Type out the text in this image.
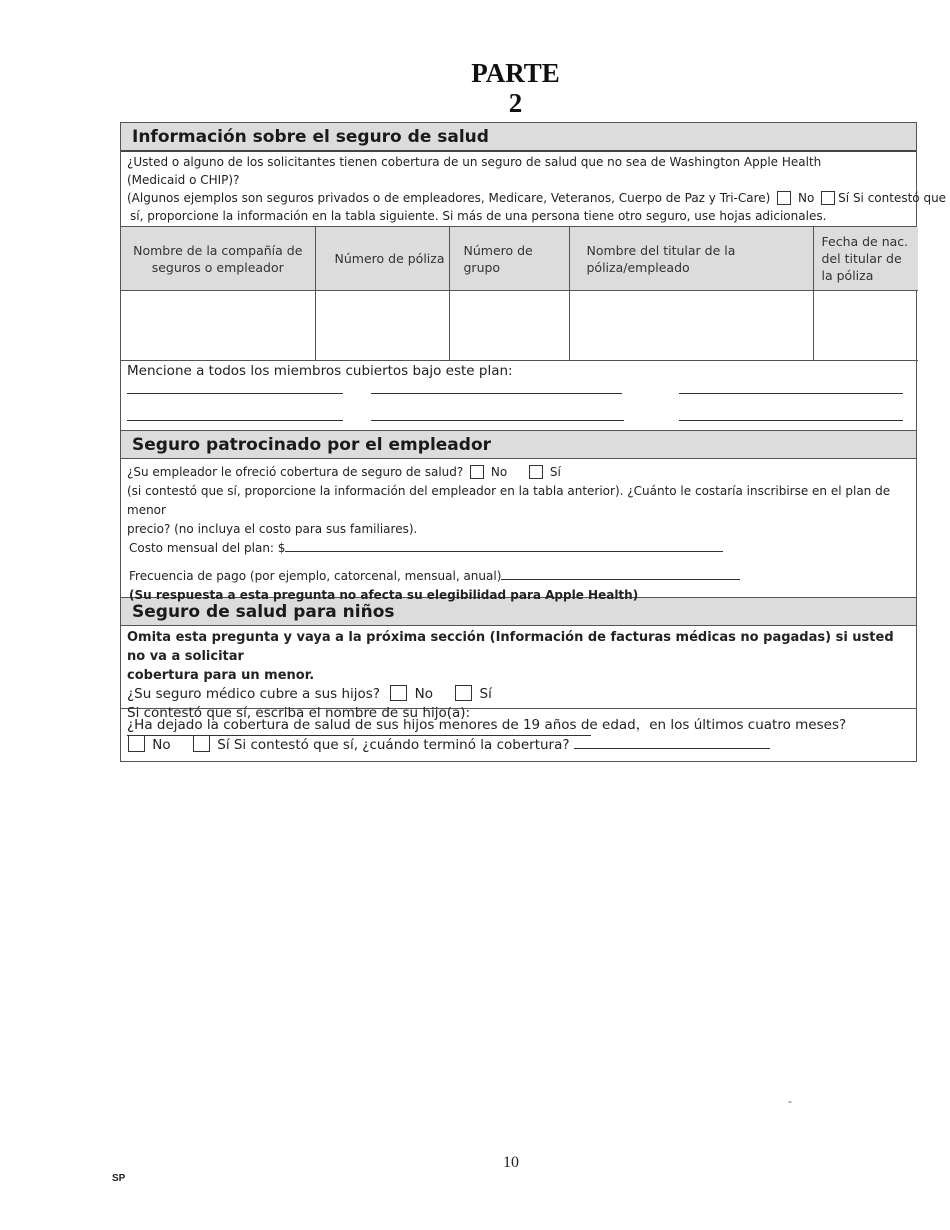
PARTE
2
Información sobre el seguro de salud
¿Usted o alguno de los solicitantes tienen cobertura de un seguro de salud que no sea de Washington Apple Health
(Medicaid o CHIP)?
(Algunos ejemplos son seguros privados o de empleadores, Medicare, Veteranos, Cuerpo de Paz y Tri-Care) No Sí Si contestó que
sí, proporcione la información en la tabla siguiente. Si más de una persona tiene otro seguro, use hojas adicionales.
Nombre de la compañía de seguros o empleador	Número de póliza	Número de grupo	Nombre del titular de la póliza/empleado	Fecha de nac. del titular de la póliza

Mencione a todos los miembros cubiertos bajo este plan:
Seguro patrocinado por el empleador
¿Su empleador le ofreció cobertura de seguro de salud? No	Sí
(si contestó que sí, proporcione la información del empleador en la tabla anterior). ¿Cuánto le costaría inscribirse en el plan de menor
precio? (no incluya el costo para sus familiares).
Costo mensual del plan: $
Frecuencia de pago (por ejemplo, catorcenal, mensual, anual)
(Su respuesta a esta pregunta no afecta su elegibilidad para Apple Health)
Seguro de salud para niños
Omita esta pregunta y vaya a la próxima sección (Información de facturas médicas no pagadas) si usted no va a solicitar
cobertura para un menor.
¿Su seguro médico cubre a sus hijos?	No	Sí
Si contestó que sí, escriba el nombre de su hijo(a):
¿Ha dejado la cobertura de salud de sus hijos menores de 19 años de edad，en los últimos cuatro meses?
No	Sí Si contestó que sí, ¿cuándo terminó la cobertura?
-
10
SP
